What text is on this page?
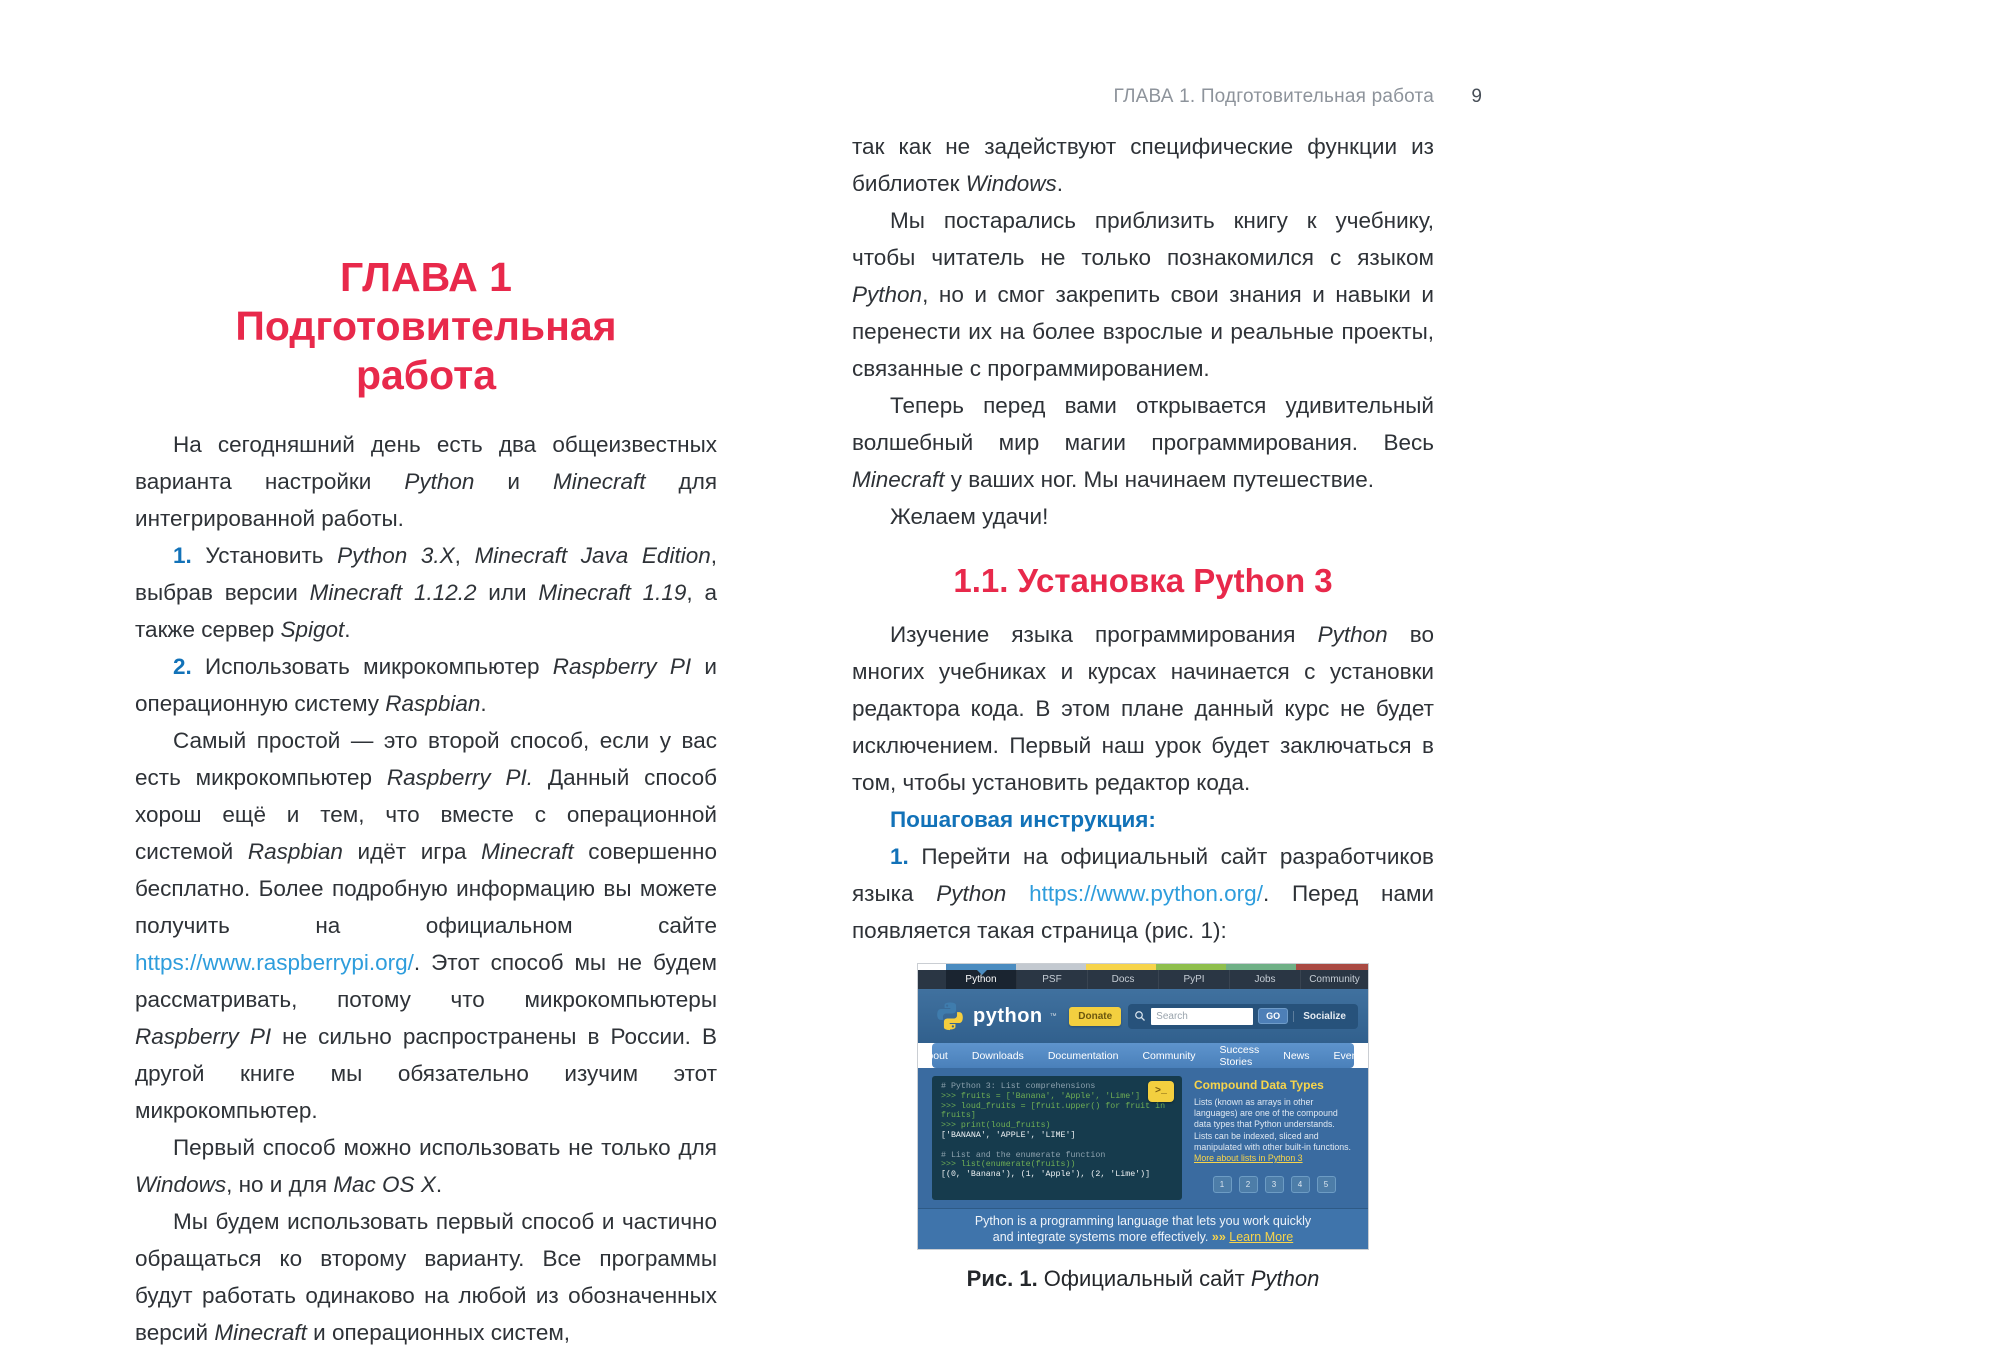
ГЛАВА 1. Подготовительная работа	9
ГЛАВА 1
Подготовительная
работа

На сегодняшний день есть два общеизвестных варианта настройки Python и Minecraft для интегрированной работы.

1. Установить Python 3.X, Minecraft Java Edition, выбрав версии Minecraft 1.12.2 или Minecraft 1.19, а также сервер Spigot.

2. Использовать микрокомпьютер Raspberry PI и операционную систему Raspbian.

Самый простой — это второй способ, если у вас есть микрокомпьютер Raspberry PI. Данный способ хорош ещё и тем, что вместе с операционной системой Raspbian идёт игра Minecraft совершенно бесплатно. Более подробную информацию вы можете получить на официальном сайте https://www.raspberrypi.org/. Этот способ мы не будем рассматривать, потому что микрокомпьютеры Raspberry PI не сильно распространены в России. В другой книге мы обязательно изучим этот микрокомпьютер.

Первый способ можно использовать не только для Windows, но и для Mac OS X.

Мы будем использовать первый способ и частично обращаться ко второму варианту. Все программы будут работать одинаково на любой из обозначенных версий Minecraft и операционных систем,

так как не задействуют специфические функции из библиотек Windows.

Мы постарались приблизить книгу к учебнику, чтобы читатель не только познакомился с языком Python, но и смог закрепить свои знания и навыки и перенести их на более взрослые и реальные проекты, связанные с программированием.

Теперь перед вами открывается удивительный волшебный мир магии программирования. Весь Minecraft у ваших ног. Мы начинаем путешествие.

Желаем удачи!

1.1. Установка Python 3

Изучение языка программирования Python во многих учебниках и курсах начинается с установки редактора кода. В этом плане данный курс не будет исключением. Первый наш урок будет заключаться в том, чтобы установить редактор кода.

Пошаговая инструкция:

1. Перейти на официальный сайт разработчиков языка Python https://www.python.org/. Перед нами появляется такая страница (рис. 1):

Python	PSF	Docs	PyPI	Jobs	Community
python ™	Donate
Search	GO	Socialize
About Downloads Documentation Community Success Stories	News Events
>_
# Python 3: List comprehensions
>>> fruits = ['Banana', 'Apple', 'Lime']
>>> loud_fruits = [fruit.upper() for fruit in
fruits]
>>> print(loud_fruits)
['BANANA', 'APPLE', 'LIME']
# List and the enumerate function
>>> list(enumerate(fruits))
[(0, 'Banana'), (1, 'Apple'), (2, 'Lime')]
Compound Data Types
Lists (known as arrays in other languages) are one of the compound data types that Python understands. Lists can be indexed, sliced and manipulated with other built-in functions. More about lists in Python 3
1	2	3	4	5
Python is a programming language that lets you work quickly
and integrate systems more effectively. »» Learn More
Рис. 1. Официальный сайт Python
